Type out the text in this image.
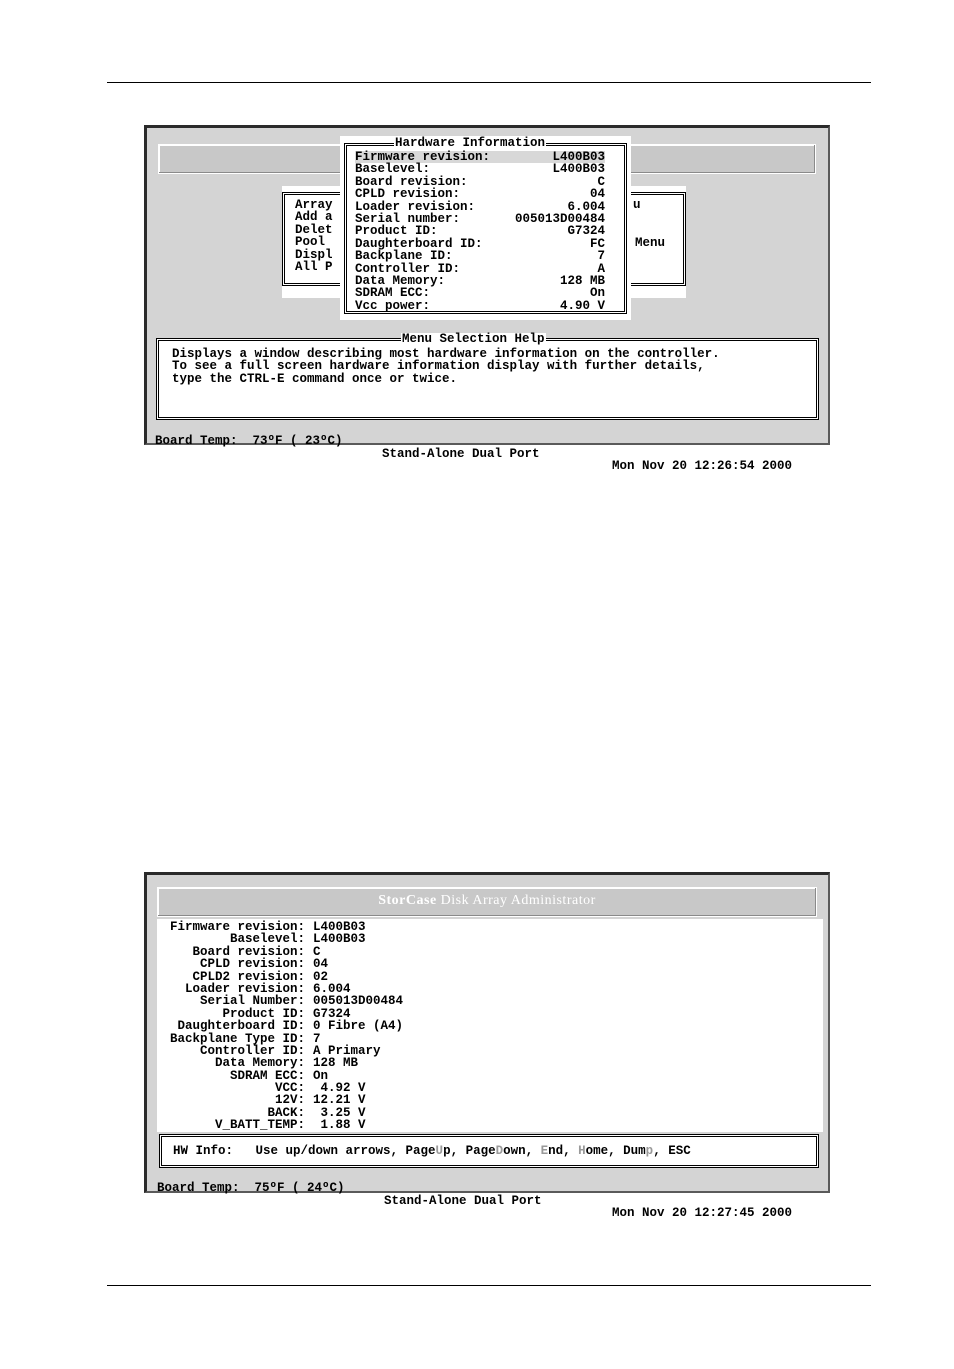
Array
Add a
Delet
Pool
Displ
All P
u
Menu
Hardware Information
Firmware revision:	L400B03
Baselevel:	L400B03
Board revision:	C
CPLD revision:	04
Loader revision:	6.004
Serial number:	005013D00484
Product ID:	G7324
Daughterboard ID:	FC
Backplane ID:	7
Controller ID:	A
Data Memory:	128 MB
SDRAM ECC:	On
Vcc power:	4.90 V
Menu Selection Help
Displays a window describing most hardware information on the controller.
To see a full screen hardware information display with further details,
type the CTRL-E command once or twice.

Board Temp:  73ºF ( 23ºC)

Stand-Alone Dual Port

Mon Nov 20 12:26:54 2000

StorCase Disk Array Administrator
Firmware revision: L400B03
Baselevel: L400B03
Board revision: C
CPLD revision: 04
CPLD2 revision: 02
Loader revision: 6.004
Serial Number: 005013D00484
Product ID: G7324
Daughterboard ID: 0 Fibre (A4)
Backplane Type ID: 7
Controller ID: A Primary
Data Memory: 128 MB
SDRAM ECC: On
VCC: 4.92 V
12V: 12.21 V
BACK: 3.25 V
V_BATT_TEMP: 1.88 V
HW Info:   Use up/down arrows, PageUp, PageDown, End, Home, Dump, ESC

Board Temp:  75ºF ( 24ºC)

Stand-Alone Dual Port

Mon Nov 20 12:27:45 2000
